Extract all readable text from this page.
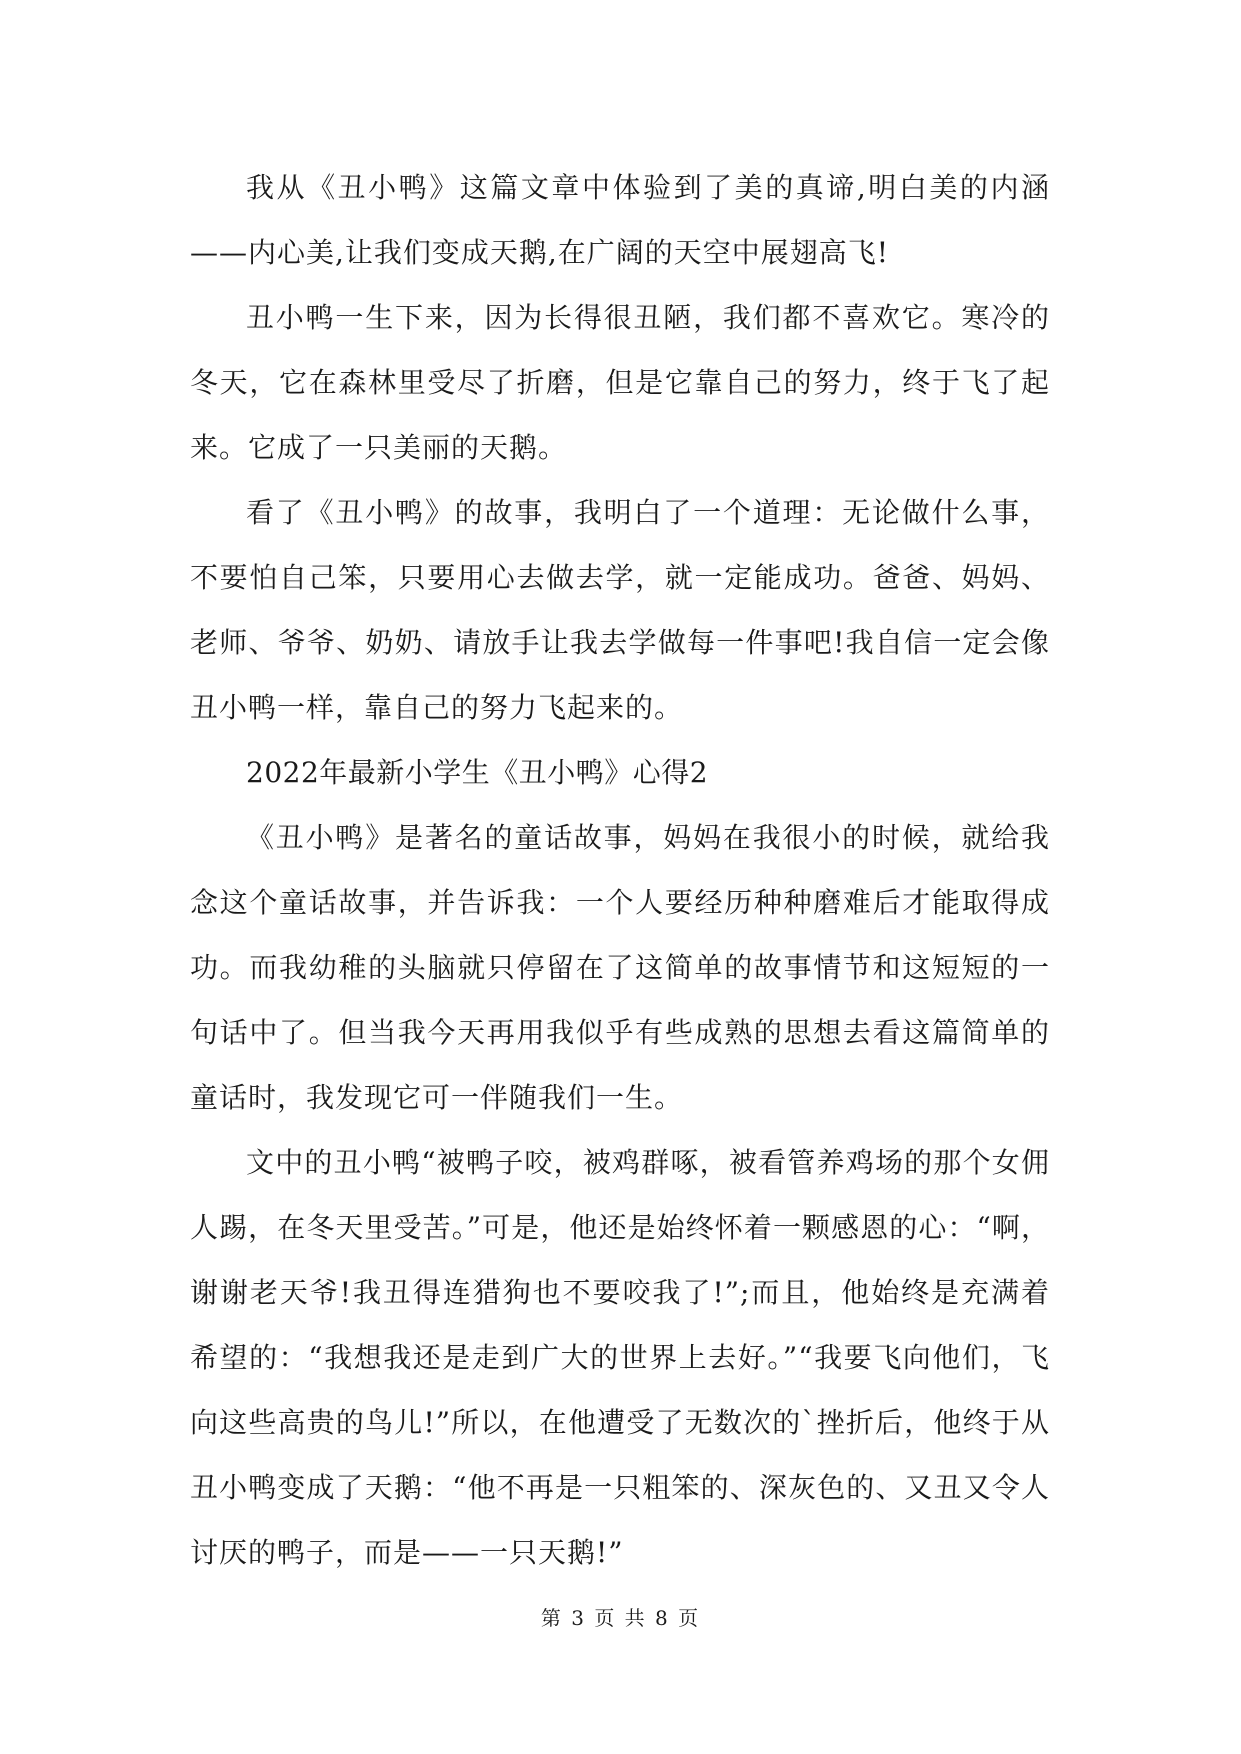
我从《丑小鸭》这篇文章中体验到了美的真谛,明白美的内涵——内心美,让我们变成天鹅,在广阔的天空中展翅高飞!

丑小鸭一生下来，因为长得很丑陋，我们都不喜欢它。寒冷的冬天，它在森林里受尽了折磨，但是它靠自己的努力，终于飞了起来。它成了一只美丽的天鹅。

看了《丑小鸭》的故事，我明白了一个道理：无论做什么事，不要怕自己笨，只要用心去做去学，就一定能成功。爸爸、妈妈、老师、爷爷、奶奶、请放手让我去学做每一件事吧!我自信一定会像丑小鸭一样，靠自己的努力飞起来的。

2022年最新小学生《丑小鸭》心得2

《丑小鸭》是著名的童话故事，妈妈在我很小的时候，就给我念这个童话故事，并告诉我：一个人要经历种种磨难后才能取得成功。而我幼稚的头脑就只停留在了这简单的故事情节和这短短的一句话中了。但当我今天再用我似乎有些成熟的思想去看这篇简单的童话时，我发现它可一伴随我们一生。

文中的丑小鸭“被鸭子咬，被鸡群啄，被看管养鸡场的那个女佣人踢，在冬天里受苦。”可是，他还是始终怀着一颗感恩的心：“啊，谢谢老天爷!我丑得连猎狗也不要咬我了!”;而且，他始终是充满着希望的：“我想我还是走到广大的世界上去好。”“我要飞向他们，飞向这些高贵的鸟儿!”所以，在他遭受了无数次的`挫折后，他终于从丑小鸭变成了天鹅：“他不再是一只粗笨的、深灰色的、又丑又令人讨厌的鸭子，而是——一只天鹅!”

第 3 页 共 8 页
